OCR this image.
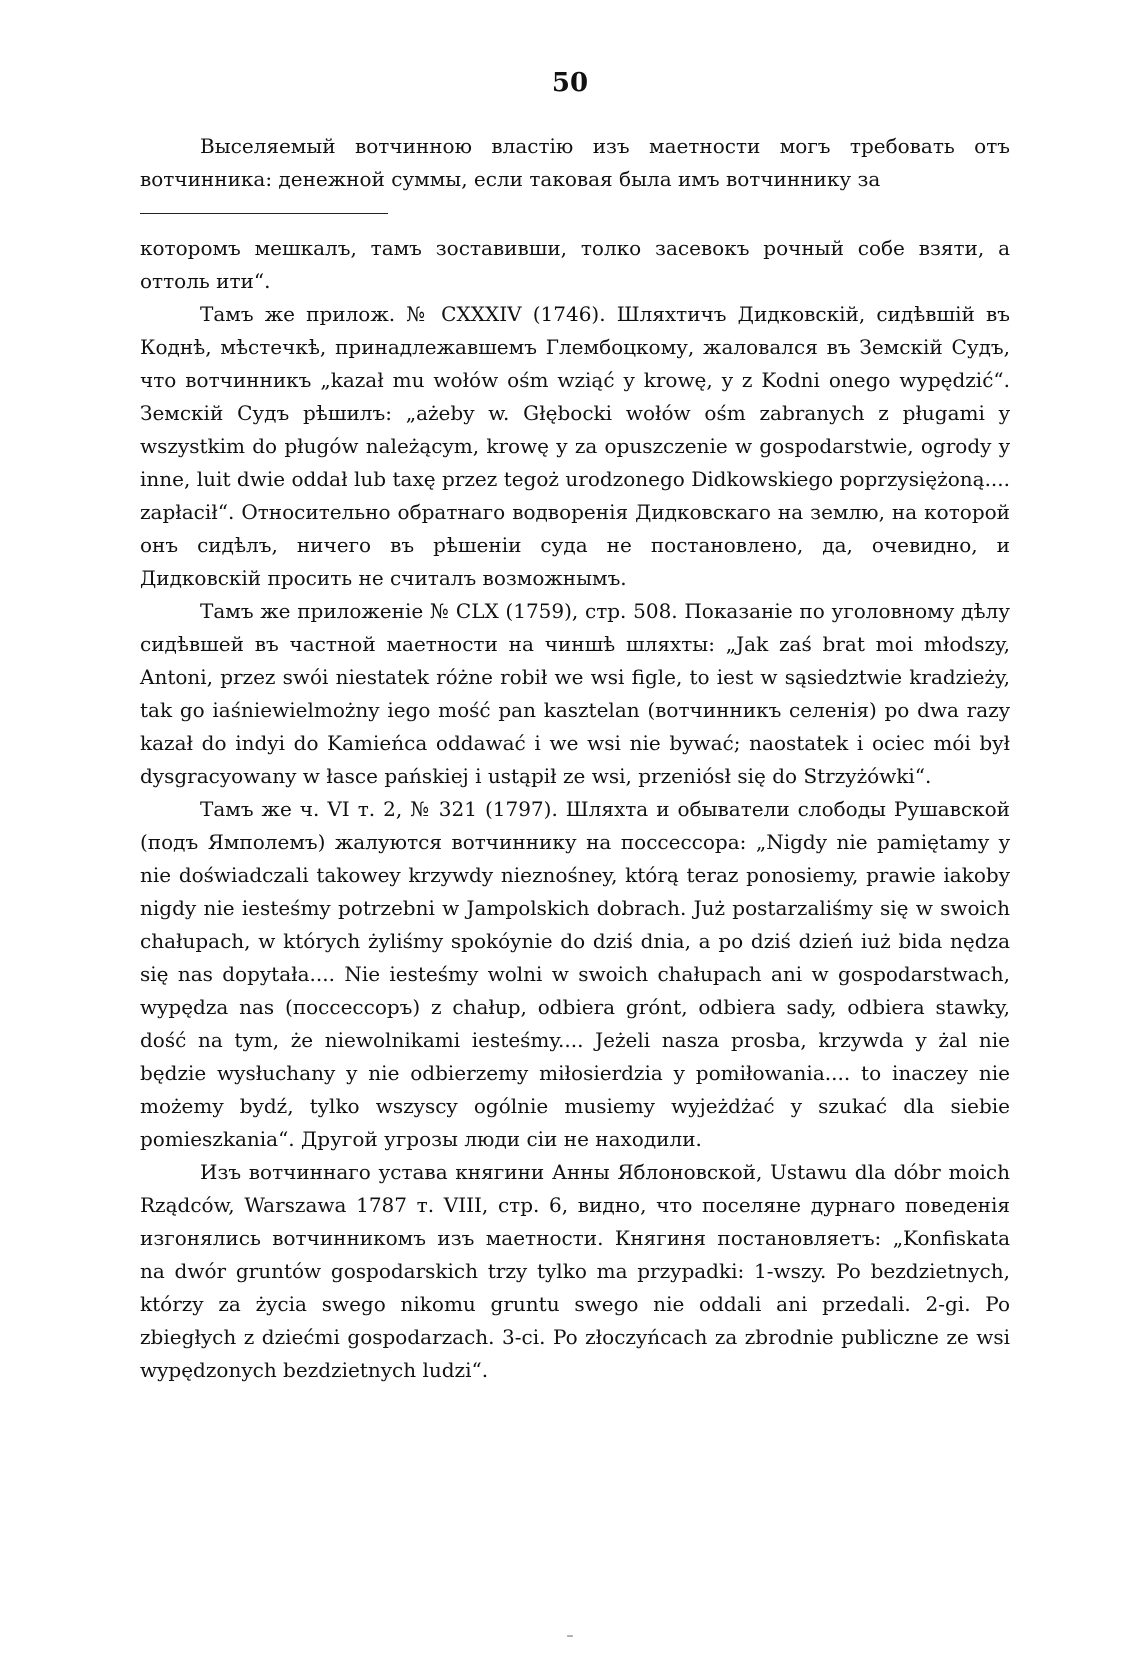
50

Выселяемый вотчинною властію изъ маетности могъ требовать отъ вотчинника: денежной суммы, если таковая была имъ вотчиннику за

которомъ мешкалъ, тамъ зоставивши, толко засевокъ рочный собе взяти, а оттоль ити“.

Тамъ же прилож. № CXXXIV (1746). Шляхтичъ Дидковскій, сидѣвшій въ Коднѣ, мѣстечкѣ, принадлежавшемъ Глембоцкому, жаловался въ Земскій Судъ, что вотчинникъ „kazał mu wołów ośm wziąć y krowę, y z Kodni onego wypędzić“. Земскій Судъ рѣшилъ: „ażeby w. Głębocki wołów ośm zabranych z pługami y wszystkim do pługów należącym, krowę y za opuszczenie w gospodarstwie, ogrody y inne, luit dwie oddał lub taxę przez tegoż urodzonego Didkowskiego poprzysiężoną.... zapłacił“. Относительно обратнаго водворенія Дидковскаго на землю, на которой онъ сидѣлъ, ничего въ рѣшеніи суда не постановлено, да, очевидно, и Дидковскій просить не считалъ возможнымъ.

Тамъ же приложеніе № CLX (1759), стр. 508. Показаніе по уголовному дѣлу сидѣвшей въ частной маетности на чиншѣ шляхты: „Jak zaś brat moi młodszy, Antoni, przez swói niestatek różne robił we wsi figle, to iest w sąsiedztwie kradzieży, tak go iaśniewielmożny iego mość pan kasztelan (вотчинникъ селенія) po dwa razy kazał do indyi do Kamieńca oddawać i we wsi nie bywać; naostatek i ociec mói był dysgracyowany w łasce pańskiej i ustąpił ze wsi, przeniósł się do Strzyżówki“.

Тамъ же ч. VI т. 2, № 321 (1797). Шляхта и обыватели слободы Рушавской (подъ Ямполемъ) жалуются вотчиннику на поссессора: „Nigdy nie pamiętamy y nie doświadczali takowey krzywdy nieznośney, którą teraz ponosiemy, prawie iakoby nigdy nie iesteśmy potrzebni w Jampolskich dobrach. Już postarzaliśmy się w swoich chałupach, w których żyliśmy spokóynie do dziś dnia, a po dziś dzień iuż bida nędza się nas dopytała.... Nie iesteśmy wolni w swoich chałupach ani w gospodarstwach, wypędza nas (поссессоръ) z chałup, odbiera grónt, odbiera sady, odbiera stawky, dość na tym, że niewolnikami iesteśmy.... Jeżeli nasza prosba, krzywda y żal nie będzie wysłuchany y nie odbierzemy miłosierdzia y pomiłowania.... to inaczey nie możemy bydź, tylko wszyscy ogólnie musiemy wyjeżdżać y szukać dla siebie pomieszkania“. Другой угрозы люди сіи не находили.

Изъ вотчиннаго устава княгини Анны Яблоновской, Ustawu dla dóbr moich Rządców, Warszawa 1787 т. VIII, стр. 6, видно, что поселяне дурнаго поведенія изгонялись вотчинникомъ изъ маетности. Княгиня постановляетъ: „Konfiskata na dwór gruntów gospodarskich trzy tylko ma przypadki: 1-wszy. Po bezdzietnych, którzy za życia swego nikomu gruntu swego nie oddali ani przedali. 2-gi. Po zbiegłych z dziećmi gospodarzach. 3-ci. Po złoczyńcach za zbrodnie publiczne ze wsi wypędzonych bezdzietnych ludzi“.

–
